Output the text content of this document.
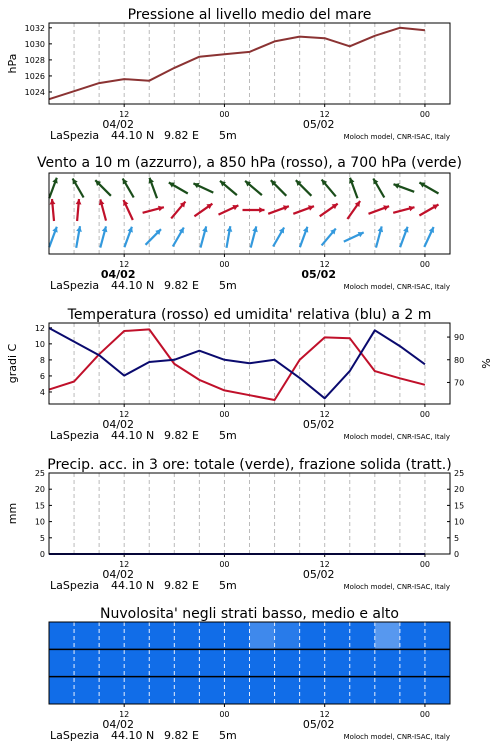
Pressione al livello medio del mare
12	00	12	00
04/02	05/02
LaSpezia 44.10 N 9.82 E 5m	Moloch model, CNR-ISAC, Italy
1024
1026
1028
1030
1032
hPa
Vento a 10 m (azzurro), a 850 hPa (rosso), a 700 hPa (verde)
12	00	12	00
04/02	05/02
LaSpezia 44.10 N 9.82 E 5m	Moloch model, CNR-ISAC, Italy
Temperatura (rosso) ed umidita' relativa (blu) a 2 m
12	00	12	00
04/02	05/02
LaSpezia 44.10 N 9.82 E 5m	Moloch model, CNR-ISAC, Italy
4
6
8
10
12
gradi C	70
80
90
%
Precip. acc. in 3 ore: totale (verde), frazione solida (tratt.)
12	00	12	00
04/02	05/02
LaSpezia 44.10 N 9.82 E 5m	Moloch model, CNR-ISAC, Italy
0
5
10
15
20
25
mm
0
5
10
15
20
25
Nuvolosita' negli strati basso, medio e alto
12	00	12	00
04/02	05/02
LaSpezia 44.10 N 9.82 E 5m	Moloch model, CNR-ISAC, Italy
